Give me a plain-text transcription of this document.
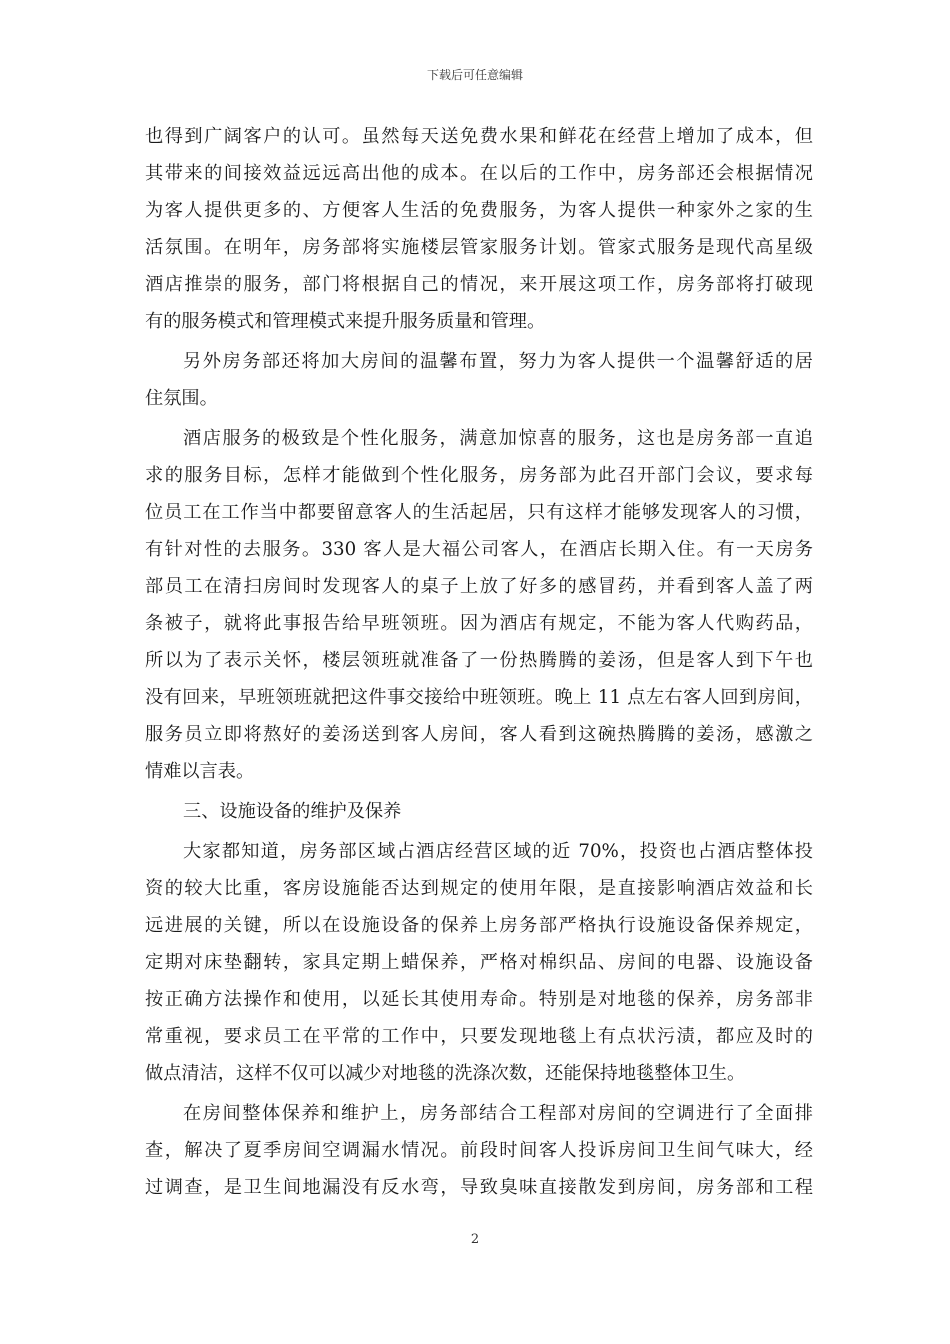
下载后可任意编辑
也得到广阔客户的认可。虽然每天送免费水果和鲜花在经营上增加了成本，但
其带来的间接效益远远高出他的成本。在以后的工作中，房务部还会根据情况
为客人提供更多的、方便客人生活的免费服务，为客人提供一种家外之家的生
活氛围。在明年，房务部将实施楼层管家服务计划。管家式服务是现代高星级
酒店推崇的服务，部门将根据自己的情况，来开展这项工作，房务部将打破现
有的服务模式和管理模式来提升服务质量和管理。
另外房务部还将加大房间的温馨布置，努力为客人提供一个温馨舒适的居
住氛围。
酒店服务的极致是个性化服务，满意加惊喜的服务，这也是房务部一直追
求的服务目标，怎样才能做到个性化服务，房务部为此召开部门会议，要求每
位员工在工作当中都要留意客人的生活起居，只有这样才能够发现客人的习惯，
有针对性的去服务。330 客人是大福公司客人，在酒店长期入住。有一天房务
部员工在清扫房间时发现客人的桌子上放了好多的感冒药，并看到客人盖了两
条被子，就将此事报告给早班领班。因为酒店有规定，不能为客人代购药品，
所以为了表示关怀，楼层领班就准备了一份热腾腾的姜汤，但是客人到下午也
没有回来，早班领班就把这件事交接给中班领班。晚上 11 点左右客人回到房间，
服务员立即将熬好的姜汤送到客人房间，客人看到这碗热腾腾的姜汤，感激之
情难以言表。
三、设施设备的维护及保养
大家都知道，房务部区域占酒店经营区域的近 70%，投资也占酒店整体投
资的较大比重，客房设施能否达到规定的使用年限，是直接影响酒店效益和长
远进展的关键，所以在设施设备的保养上房务部严格执行设施设备保养规定，
定期对床垫翻转，家具定期上蜡保养，严格对棉织品、房间的电器、设施设备
按正确方法操作和使用，以延长其使用寿命。特别是对地毯的保养，房务部非
常重视，要求员工在平常的工作中，只要发现地毯上有点状污渍，都应及时的
做点清洁，这样不仅可以减少对地毯的洗涤次数，还能保持地毯整体卫生。
在房间整体保养和维护上，房务部结合工程部对房间的空调进行了全面排
查，解决了夏季房间空调漏水情况。前段时间客人投诉房间卫生间气味大，经
过调查，是卫生间地漏没有反水弯，导致臭味直接散发到房间，房务部和工程
2
